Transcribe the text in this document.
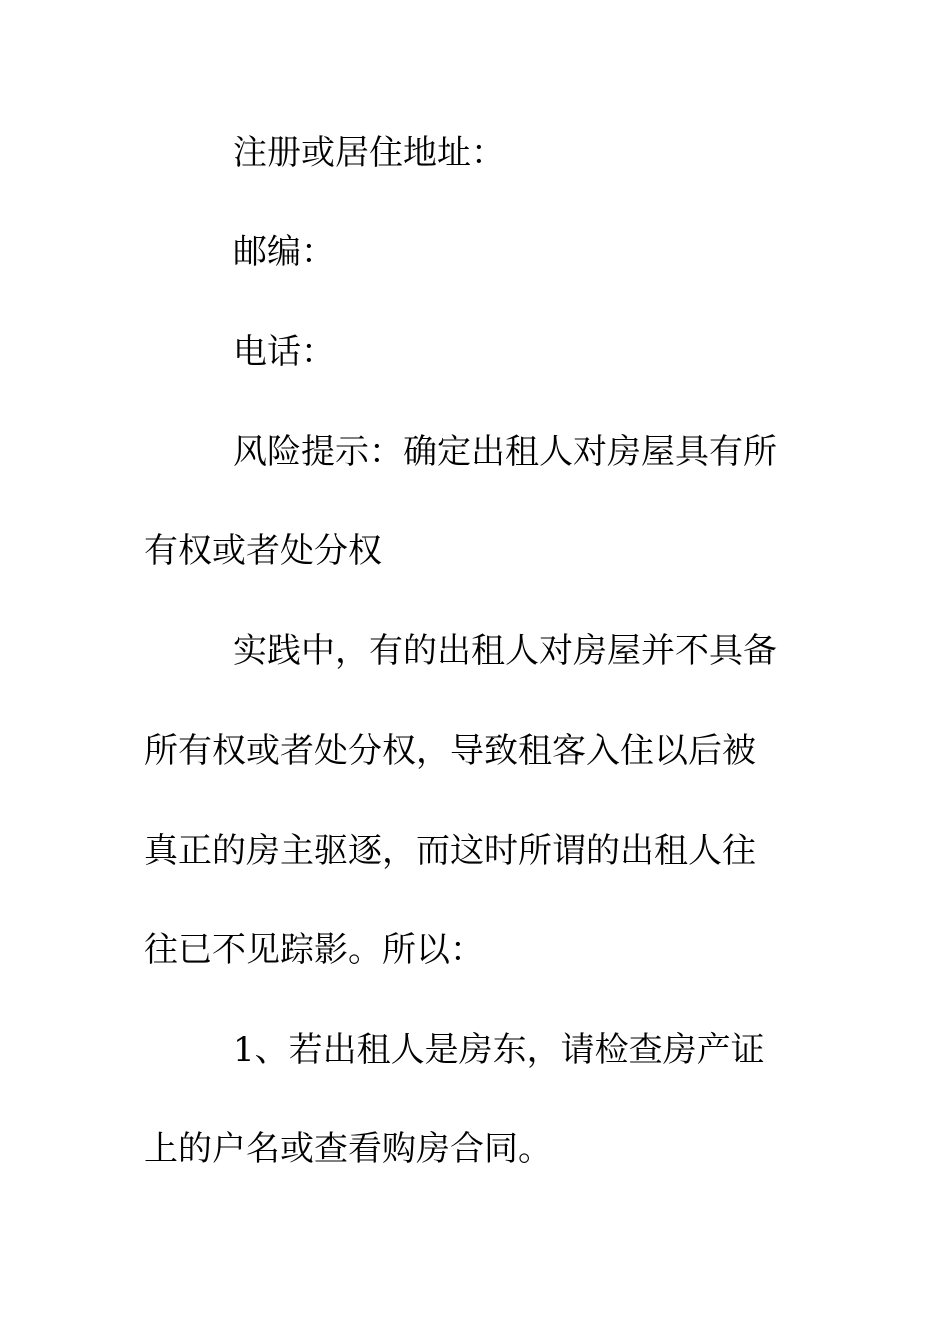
注册或居住地址：

邮编：

电话：

风险提示：确定出租人对房屋具有所

有权或者处分权

实践中，有的出租人对房屋并不具备

所有权或者处分权，导致租客入住以后被

真正的房主驱逐，而这时所谓的出租人往

往已不见踪影。所以：

1、若出租人是房东，请检查房产证

上的户名或查看购房合同。
